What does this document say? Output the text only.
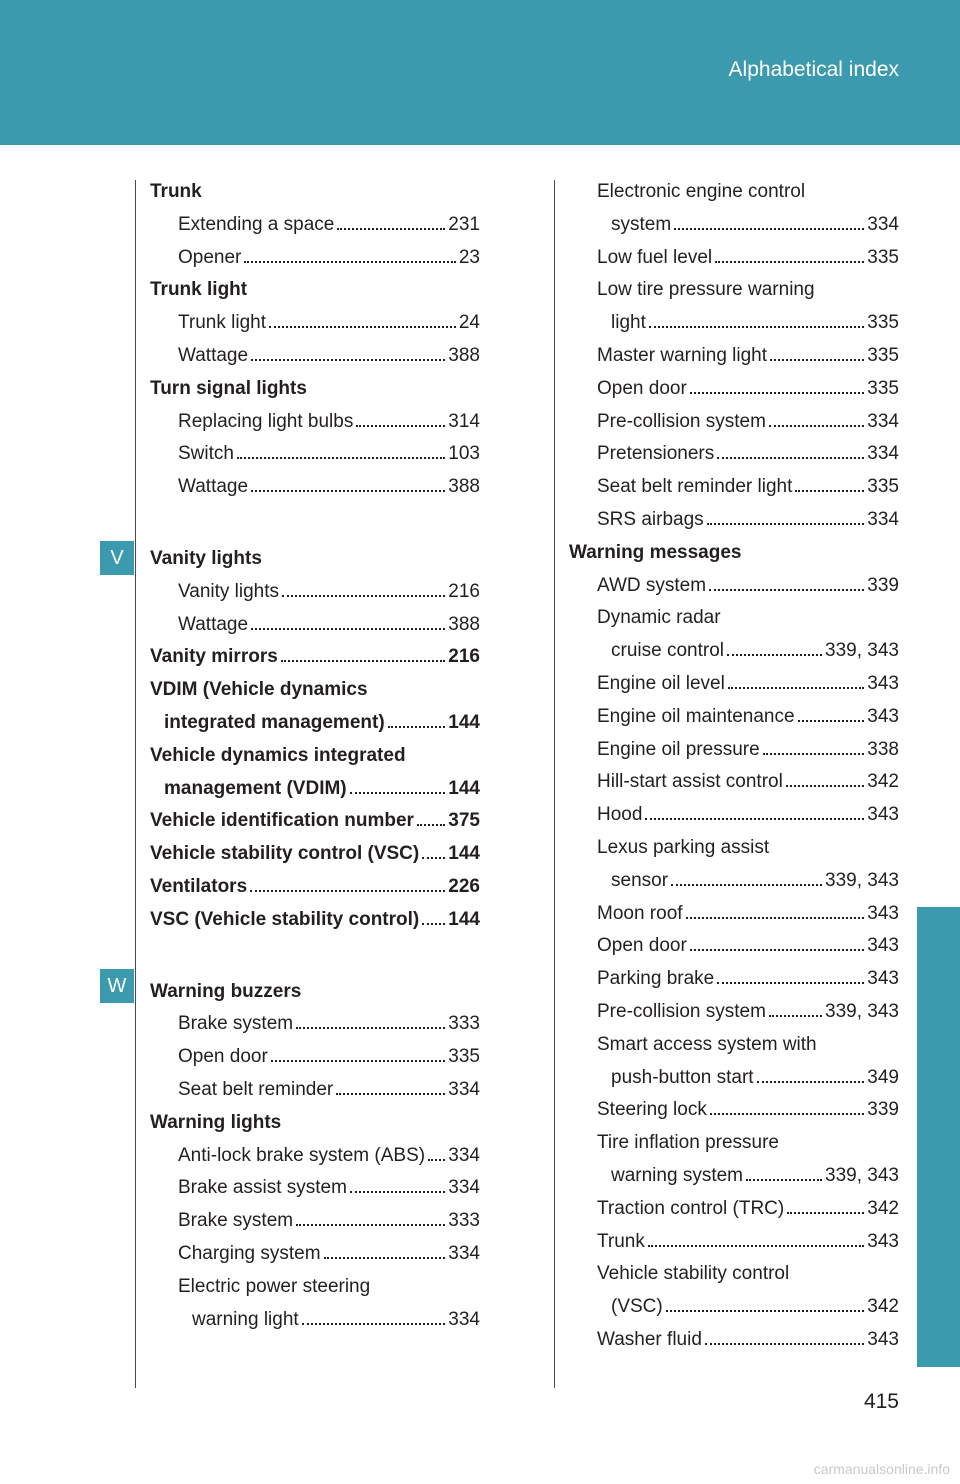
Alphabetical index
V
W
Trunk
Extending a space	231
Opener	23
Trunk light
Trunk light	24
Wattage	388
Turn signal lights
Replacing light bulbs	314
Switch	103
Wattage	388
Vanity lights
Vanity lights	216
Wattage	388
Vanity mirrors	216
VDIM (Vehicle dynamics
integrated management)	144
Vehicle dynamics integrated
management (VDIM)	144
Vehicle identification number 375
Vehicle stability control (VSC) 144
Ventilators	226
VSC (Vehicle stability control) 144
Warning buzzers
Brake system	333
Open door	335
Seat belt reminder	334
Warning lights
Anti-lock brake system (ABS) 334
Brake assist system	334
Brake system	333
Charging system	334
Electric power steering
warning light	334
Electronic engine control
system	334
Low fuel level	335
Low tire pressure warning
light	335
Master warning light	335
Open door	335
Pre-collision system	334
Pretensioners	334
Seat belt reminder light	335
SRS airbags	334
Warning messages
AWD system	339
Dynamic radar
cruise control	339, 343
Engine oil level	343
Engine oil maintenance	343
Engine oil pressure	338
Hill-start assist control	342
Hood	343
Lexus parking assist
sensor	339, 343
Moon roof	343
Open door	343
Parking brake	343
Pre-collision system	339, 343
Smart access system with
push-button start	349
Steering lock	339
Tire inflation pressure
warning system	339, 343
Traction control (TRC)	342
Trunk	343
Vehicle stability control
(VSC)	342
Washer fluid	343
415
carmanualsonline.info
